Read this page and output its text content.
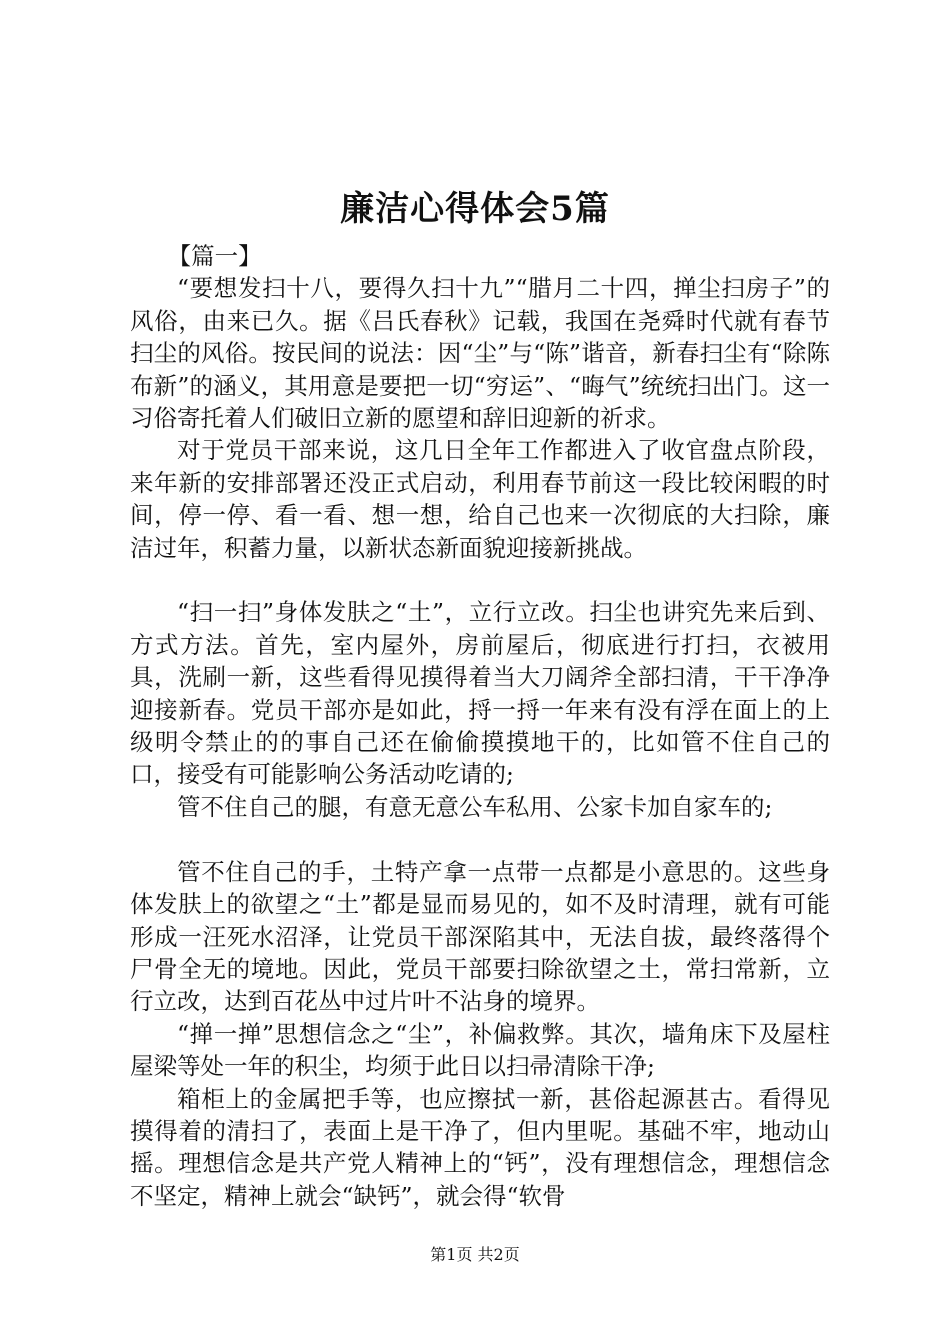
廉洁心得体会5篇

【篇一】

“要想发扫十八，要得久扫十九”“腊月二十四，掸尘扫房子”的风俗，由来已久。据《吕氏春秋》记载，我国在尧舜时代就有春节扫尘的风俗。按民间的说法：因“尘”与“陈”谐音，新春扫尘有“除陈布新”的涵义，其用意是要把一切“穷运”、“晦气”统统扫出门。这一习俗寄托着人们破旧立新的愿望和辞旧迎新的祈求。

对于党员干部来说，这几日全年工作都进入了收官盘点阶段，来年新的安排部署还没正式启动，利用春节前这一段比较闲暇的时间，停一停、看一看、想一想，给自己也来一次彻底的大扫除，廉洁过年，积蓄力量，以新状态新面貌迎接新挑战。

“扫一扫”身体发肤之“土”，立行立改。扫尘也讲究先来后到、方式方法。首先，室内屋外，房前屋后，彻底进行打扫，衣被用具，洗刷一新，这些看得见摸得着当大刀阔斧全部扫清，干干净净迎接新春。党员干部亦是如此，捋一捋一年来有没有浮在面上的上级明令禁止的的事自己还在偷偷摸摸地干的，比如管不住自己的口，接受有可能影响公务活动吃请的;

管不住自己的腿，有意无意公车私用、公家卡加自家车的;

管不住自己的手，土特产拿一点带一点都是小意思的。这些身体发肤上的欲望之“土”都是显而易见的，如不及时清理，就有可能形成一汪死水沼泽，让党员干部深陷其中，无法自拔，最终落得个尸骨全无的境地。因此，党员干部要扫除欲望之土，常扫常新，立行立改，达到百花丛中过片叶不沾身的境界。

“掸一掸”思想信念之“尘”，补偏救弊。其次，墙角床下及屋柱屋梁等处一年的积尘，均须于此日以扫帚清除干净;

箱柜上的金属把手等，也应擦拭一新，甚俗起源甚古。看得见摸得着的清扫了，表面上是干净了，但内里呢。基础不牢，地动山摇。理想信念是共产党人精神上的“钙”，没有理想信念，理想信念不坚定，精神上就会“缺钙”，就会得“软骨

第1页 共2页
